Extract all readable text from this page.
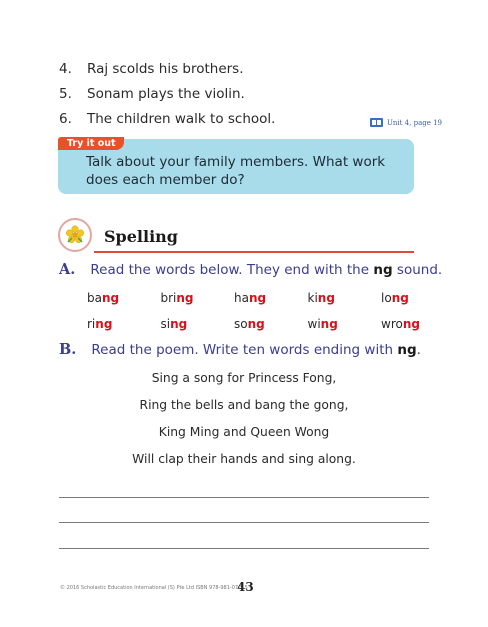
4.	Raj scolds his brothers.
5.	Sonam plays the violin.
6.	The children walk to school.	Unit 4, page 19
Try it out
Talk about your family members. What work does each member do?
Spelling
A. Read the words below. They end with the ng sound.
bang	bring	hang	king	long
ring	sing	song	wing	wrong
B. Read the poem. Write ten words ending with ng.
Sing a song for Princess Fong,
Ring the bells and bang the gong,
King Ming and Queen Wong
Will clap their hands and sing along.
© 2016 Scholastic Education International (S) Pte Ltd ISBN 978-981-07-5 5
43
